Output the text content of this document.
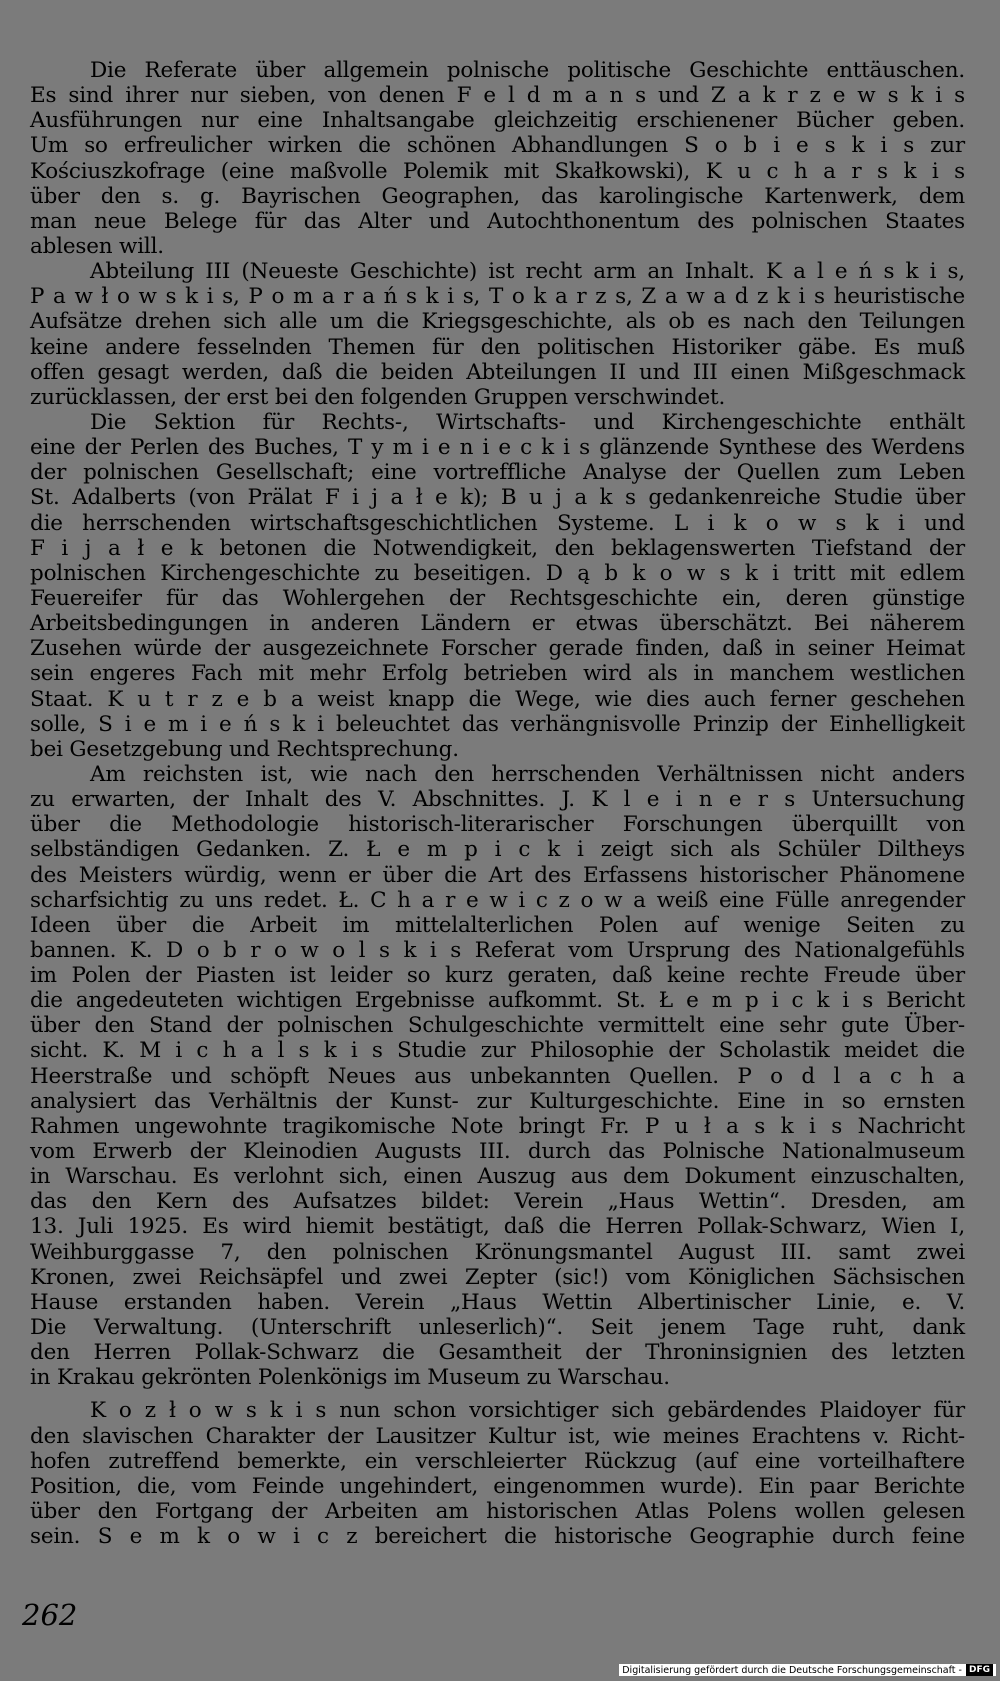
Die Referate über allgemein polnische politische Geschichte enttäuschen.
Es sind ihrer nur sieben, von denen F e l d m a n s und Z a k r z e w s k i s
Ausführungen nur eine Inhaltsangabe gleichzeitig erschienener Bücher geben.
Um so erfreulicher wirken die schönen Abhandlungen S o b i e s k i s zur
Kościuszkofrage (eine maßvolle Polemik mit Skałkowski), K u c h a r s k i s
über den s. g. Bayrischen Geographen, das karolingische Kartenwerk, dem
man neue Belege für das Alter und Autochthonentum des polnischen Staates
ablesen will.
Abteilung III (Neueste Geschichte) ist recht arm an Inhalt. K a l e ń s k i s,
P a w ł o w s k i s, P o m a r a ń s k i s, T o k a r z s, Z a w a d z k i s heuristische
Aufsätze drehen sich alle um die Kriegsgeschichte, als ob es nach den Teilungen
keine andere fesselnden Themen für den politischen Historiker gäbe. Es muß
offen gesagt werden, daß die beiden Abteilungen II und III einen Mißgeschmack
zurücklassen, der erst bei den folgenden Gruppen verschwindet.
Die Sektion für Rechts-, Wirtschafts- und Kirchengeschichte enthält
eine der Perlen des Buches, T y m i e n i e c k i s glänzende Synthese des Werdens
der polnischen Gesellschaft; eine vortreffliche Analyse der Quellen zum Leben
St. Adalberts (von Prälat F i j a ł e k); B u j a k s gedankenreiche Studie über
die herrschenden wirtschaftsgeschichtlichen Systeme. L i k o w s k i und
F i j a ł e k betonen die Notwendigkeit, den beklagenswerten Tiefstand der
polnischen Kirchengeschichte zu beseitigen. D ą b k o w s k i tritt mit edlem
Feuereifer für das Wohlergehen der Rechtsgeschichte ein, deren günstige
Arbeitsbedingungen in anderen Ländern er etwas überschätzt. Bei näherem
Zusehen würde der ausgezeichnete Forscher gerade finden, daß in seiner Heimat
sein engeres Fach mit mehr Erfolg betrieben wird als in manchem westlichen
Staat. K u t r z e b a weist knapp die Wege, wie dies auch ferner geschehen
solle, S i e m i e ń s k i beleuchtet das verhängnisvolle Prinzip der Einhelligkeit
bei Gesetzgebung und Rechtsprechung.
Am reichsten ist, wie nach den herrschenden Verhältnissen nicht anders
zu erwarten, der Inhalt des V. Abschnittes. J. K l e i n e r s Untersuchung
über die Methodologie historisch-literarischer Forschungen überquillt von
selbständigen Gedanken. Z. Ł e m p i c k i zeigt sich als Schüler Diltheys
des Meisters würdig, wenn er über die Art des Erfassens historischer Phänomene
scharfsichtig zu uns redet. Ł. C h a r e w i c z o w a weiß eine Fülle anregender
Ideen über die Arbeit im mittelalterlichen Polen auf wenige Seiten zu
bannen. K. D o b r o w o l s k i s Referat vom Ursprung des Nationalgefühls
im Polen der Piasten ist leider so kurz geraten, daß keine rechte Freude über
die angedeuteten wichtigen Ergebnisse aufkommt. St. Ł e m p i c k i s Bericht
über den Stand der polnischen Schulgeschichte vermittelt eine sehr gute Über-
sicht. K. M i c h a l s k i s Studie zur Philosophie der Scholastik meidet die
Heerstraße und schöpft Neues aus unbekannten Quellen. P o d l a c h a
analysiert das Verhältnis der Kunst- zur Kulturgeschichte. Eine in so ernsten
Rahmen ungewohnte tragikomische Note bringt Fr. P u ł a s k i s Nachricht
vom Erwerb der Kleinodien Augusts III. durch das Polnische Nationalmuseum
in Warschau. Es verlohnt sich, einen Auszug aus dem Dokument einzuschalten,
das den Kern des Aufsatzes bildet: Verein „Haus Wettin“. Dresden, am
13. Juli 1925. Es wird hiemit bestätigt, daß die Herren Pollak-Schwarz, Wien I,
Weihburggasse 7, den polnischen Krönungsmantel August III. samt zwei
Kronen, zwei Reichsäpfel und zwei Zepter (sic!) vom Königlichen Sächsischen
Hause erstanden haben. Verein „Haus Wettin Albertinischer Linie, e. V.
Die Verwaltung. (Unterschrift unleserlich)“. Seit jenem Tage ruht, dank
den Herren Pollak-Schwarz die Gesamtheit der Throninsignien des letzten
in Krakau gekrönten Polenkönigs im Museum zu Warschau.
K o z ł o w s k i s nun schon vorsichtiger sich gebärdendes Plaidoyer für
den slavischen Charakter der Lausitzer Kultur ist, wie meines Erachtens v. Richt-
hofen zutreffend bemerkte, ein verschleierter Rückzug (auf eine vorteilhaftere
Position, die, vom Feinde ungehindert, eingenommen wurde). Ein paar Berichte
über den Fortgang der Arbeiten am historischen Atlas Polens wollen gelesen
sein. S e m k o w i c z bereichert die historische Geographie durch feine
262
Digitalisierung gefördert durch die Deutsche Forschungsgemeinschaft - DFG
